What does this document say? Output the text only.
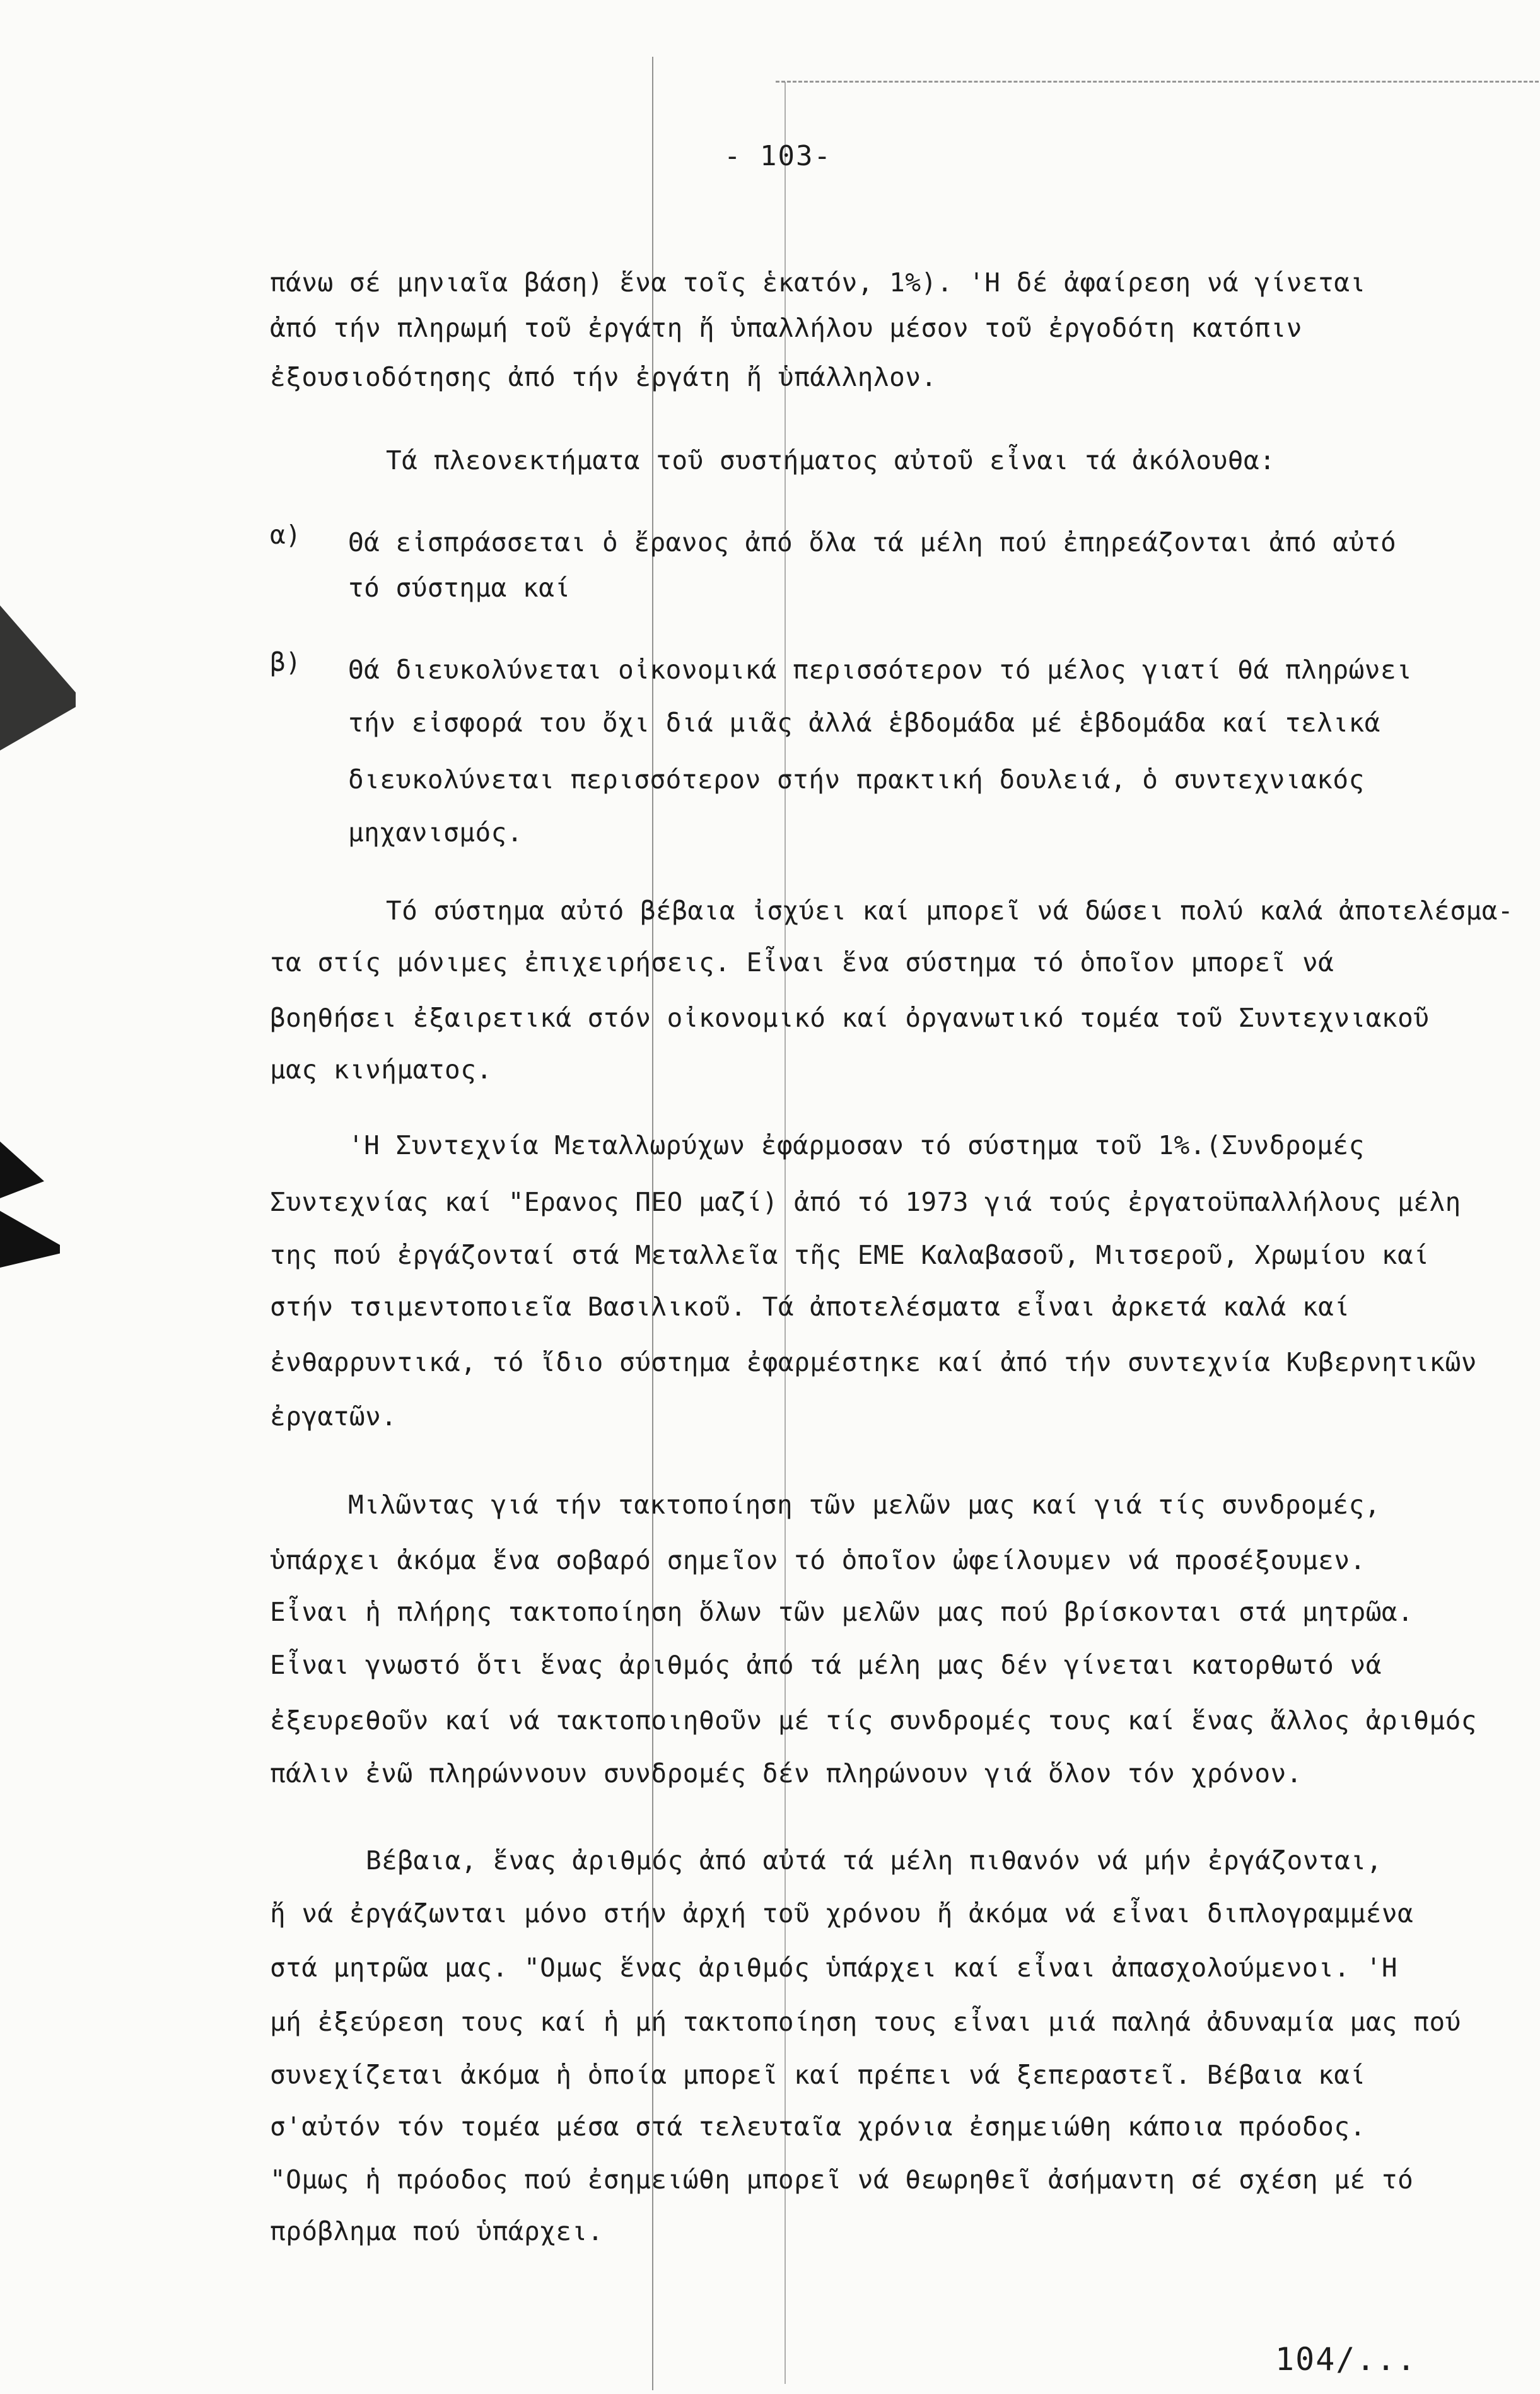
- 103-
πάνω σέ μηνιαῖα βάση) ἕνα τοῖς ἑκατόν, 1%). 'Η δέ ἀφαίρεση νά γίνεται
ἀπό τήν πληρωμή τοῦ ἐργάτη ἤ ὑπαλλήλου μέσον τοῦ ἐργοδότη κατόπιν
ἐξουσιοδότησης ἀπό τήν ἐργάτη ἤ ὑπάλληλον.
Τά πλεονεκτήματα τοῦ συστήματος αὐτοῦ εἶναι τά ἀκόλουθα:
α) Θά εἰσπράσσεται ὁ ἔρανος ἀπό ὅλα τά μέλη πού ἐπηρεάζονται ἀπό αὐτό
τό σύστημα καί
β) Θά διευκολύνεται οἰκονομικά περισσότερον τό μέλος γιατί θά πληρώνει
τήν εἰσφορά του ὄχι διά μιᾶς ἀλλά ἑβδομάδα μέ ἑβδομάδα καί τελικά
διευκολύνεται περισσότερον στήν πρακτική δουλειά, ὁ συντεχνιακός
μηχανισμός.
Τό σύστημα αὐτό βέβαια ἰσχύει καί μπορεῖ νά δώσει πολύ καλά ἀποτελέσμα-
τα στίς μόνιμες ἐπιχειρήσεις. Εἶναι ἕνα σύστημα τό ὁποῖον μπορεῖ νά
βοηθήσει ἐξαιρετικά στόν οἰκονομικό καί ὀργανωτικό τομέα τοῦ Συντεχνιακοῦ
μας κινήματος.
'Η Συντεχνία Μεταλλωρύχων ἐφάρμοσαν τό σύστημα τοῦ 1%.(Συνδρομές
Συντεχνίας καί "Ερανος ΠΕΟ μαζί) ἀπό τό 1973 γιά τούς ἐργατοϋπαλλήλους μέλη
της πού ἐργάζονταί στά Μεταλλεῖα τῆς ΕΜΕ Καλαβασοῦ, Μιτσεροῦ, Χρωμίου καί
στήν τσιμεντοποιεῖα Βασιλικοῦ. Τά ἀποτελέσματα εἶναι ἀρκετά καλά καί
ἐνθαρρυντικά, τό ἴδιο σύστημα ἐφαρμέστηκε καί ἀπό τήν συντεχνία Κυβερνητικῶν
ἐργατῶν.
Μιλῶντας γιά τήν τακτοποίηση τῶν μελῶν μας καί γιά τίς συνδρομές,
ὑπάρχει ἀκόμα ἕνα σοβαρό σημεῖον τό ὁποῖον ὠφείλουμεν νά προσέξουμεν.
Εἶναι ἡ πλήρης τακτοποίηση ὅλων τῶν μελῶν μας πού βρίσκονται στά μητρῶα.
Εἶναι γνωστό ὅτι ἕνας ἀριθμός ἀπό τά μέλη μας δέν γίνεται κατορθωτό νά
ἐξευρεθοῦν καί νά τακτοποιηθοῦν μέ τίς συνδρομές τους καί ἕνας ἄλλος ἀριθμός
πάλιν ἐνῶ πληρώννουν συνδρομές δέν πληρώνουν γιά ὅλον τόν χρόνον.
Βέβαια, ἕνας ἀριθμός ἀπό αὐτά τά μέλη πιθανόν νά μήν ἐργάζονται,
ἤ νά ἐργάζωνται μόνο στήν ἀρχή τοῦ χρόνου ἤ ἀκόμα νά εἶναι διπλογραμμένα
στά μητρῶα μας. "Ομως ἕνας ἀριθμός ὑπάρχει καί εἶναι ἀπασχολούμενοι. 'Η
μή ἐξεύρεση τους καί ἡ μή τακτοποίηση τους εἶναι μιά παληά ἀδυναμία μας πού
συνεχίζεται ἀκόμα ἡ ὁποία μπορεῖ καί πρέπει νά ξεπεραστεῖ. Βέβαια καί
σ'αὐτόν τόν τομέα μέσα στά τελευταῖα χρόνια ἐσημειώθη κάποια πρόοδος.
"Ομως ἡ πρόοδος πού ἐσημειώθη μπορεῖ νά θεωρηθεῖ ἀσήμαντη σέ σχέση μέ τό
πρόβλημα πού ὑπάρχει.
104/...
